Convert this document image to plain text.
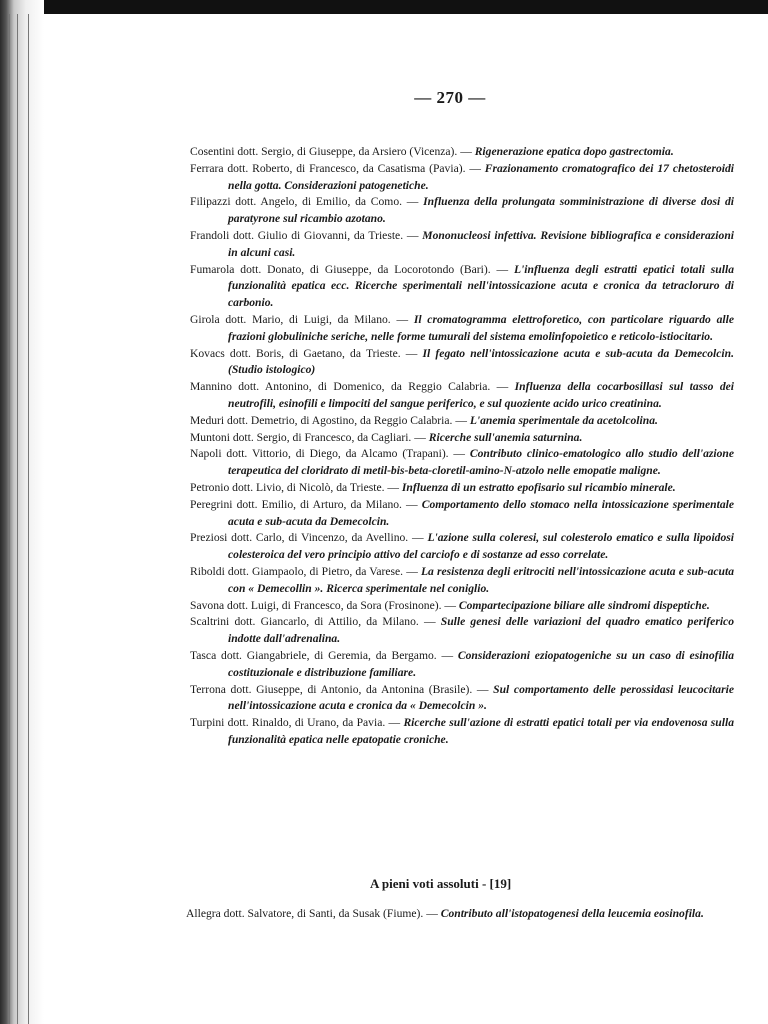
— 270 —

Cosentini dott. Sergio, di Giuseppe, da Arsiero (Vicenza). — Rigenerazione epatica dopo gastrectomia.

Ferrara dott. Roberto, di Francesco, da Casatisma (Pavia). — Frazionamento cromatografico dei 17 chetosteroidi nella gotta. Considerazioni patogenetiche.

Filipazzi dott. Angelo, di Emilio, da Como. — Influenza della prolungata somministrazione di diverse dosi di paratyrone sul ricambio azotano.

Frandoli dott. Giulio di Giovanni, da Trieste. — Mononucleosi infettiva. Revisione bibliografica e considerazioni in alcuni casi.

Fumarola dott. Donato, di Giuseppe, da Locorotondo (Bari). — L'influenza degli estratti epatici totali sulla funzionalità epatica ecc. Ricerche sperimentali nell'intossicazione acuta e cronica da tetracloruro di carbonio.

Girola dott. Mario, di Luigi, da Milano. — Il cromatogramma elettroforetico, con particolare riguardo alle frazioni globuliniche seriche, nelle forme tumurali del sistema emolinfopoietico e reticolo-istiocitario.

Kovacs dott. Boris, di Gaetano, da Trieste. — Il fegato nell'intossicazione acuta e sub-acuta da Demecolcin. (Studio istologico)

Mannino dott. Antonino, di Domenico, da Reggio Calabria. — Influenza della cocarbosillasi sul tasso dei neutrofili, esinofili e limpociti del sangue periferico, e sul quoziente acido urico creatinina.

Meduri dott. Demetrio, di Agostino, da Reggio Calabria. — L'anemia sperimentale da acetolcolina.

Muntoni dott. Sergio, di Francesco, da Cagliari. — Ricerche sull'anemia saturnina.

Napoli dott. Vittorio, di Diego, da Alcamo (Trapani). — Contributo clinico-ematologico allo studio dell'azione terapeutica del cloridrato di metil-bis-beta-cloretil-amino-N-atzolo nelle emopatie maligne.

Petronio dott. Livio, di Nicolò, da Trieste. — Influenza di un estratto epofisario sul ricambio minerale.

Peregrini dott. Emilio, di Arturo, da Milano. — Comportamento dello stomaco nella intossicazione sperimentale acuta e sub-acuta da Demecolcin.

Preziosi dott. Carlo, di Vincenzo, da Avellino. — L'azione sulla coleresi, sul colesterolo ematico e sulla lipoidosi colesteroica del vero principio attivo del carciofo e di sostanze ad esso correlate.

Riboldi dott. Giampaolo, di Pietro, da Varese. — La resistenza degli eritrociti nell'intossicazione acuta e sub-acuta con « Demecollin ». Ricerca sperimentale nel coniglio.

Savona dott. Luigi, di Francesco, da Sora (Frosinone). — Compartecipazione biliare alle sindromi dispeptiche.

Scaltrini dott. Giancarlo, di Attilio, da Milano. — Sulle genesi delle variazioni del quadro ematico periferico indotte dall'adrenalina.

Tasca dott. Giangabriele, di Geremia, da Bergamo. — Considerazioni eziopatogeniche su un caso di esinofilia costituzionale e distribuzione familiare.

Terrona dott. Giuseppe, di Antonio, da Antonina (Brasile). — Sul comportamento delle perossidasi leucocitarie nell'intossicazione acuta e cronica da « Demecolcin ».

Turpini dott. Rinaldo, di Urano, da Pavia. — Ricerche sull'azione di estratti epatici totali per via endovenosa sulla funzionalità epatica nelle epatopatie croniche.

A pieni voti assoluti - [19]

Allegra dott. Salvatore, di Santi, da Susak (Fiume). — Contributo all'istopatogenesi della leucemia eosinofila.
